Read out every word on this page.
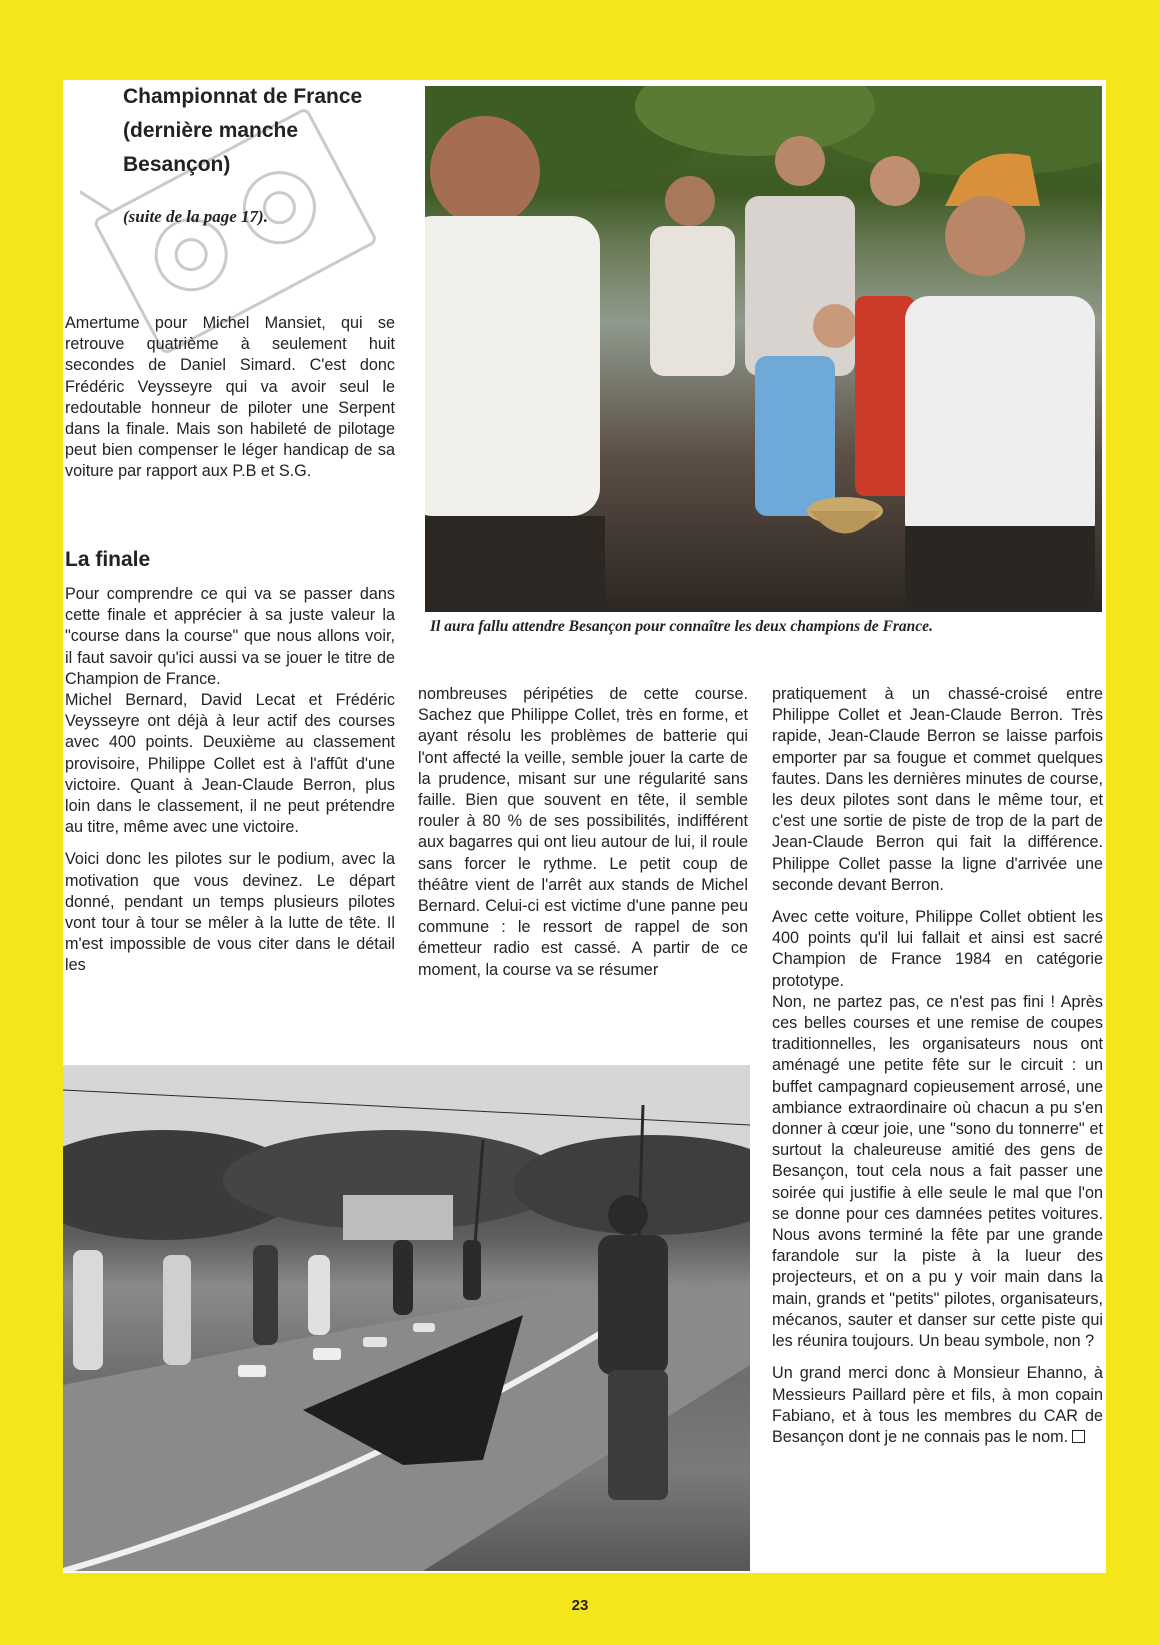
Championnat de France
(dernière manche
Besançon)
(suite de la page 17).

Amertume pour Michel Mansiet, qui se retrouve quatrième à seulement huit secondes de Daniel Simard. C'est donc Frédéric Veysseyre qui va avoir seul le redoutable honneur de piloter une Serpent dans la finale. Mais son habileté de pilotage peut bien compenser le léger handicap de sa voiture par rapport aux P.B et S.G.

La finale

Pour comprendre ce qui va se passer dans cette finale et apprécier à sa juste valeur la "course dans la course" que nous allons voir, il faut savoir qu'ici aussi va se jouer le titre de Champion de France.

Michel Bernard, David Lecat et Frédéric Veysseyre ont déjà à leur actif des courses avec 400 points. Deuxième au classement provisoire, Philippe Collet est à l'affût d'une victoire. Quant à Jean-Claude Berron, plus loin dans le classement, il ne peut prétendre au titre, même avec une victoire.

Voici donc les pilotes sur le podium, avec la motivation que vous devinez. Le départ donné, pendant un temps plusieurs pilotes vont tour à tour se mêler à la lutte de tête. Il m'est impossible de vous citer dans le détail les

nombreuses péripéties de cette course. Sachez que Philippe Collet, très en forme, et ayant résolu les problèmes de batterie qui l'ont affecté la veille, semble jouer la carte de la prudence, misant sur une régularité sans faille. Bien que souvent en tête, il semble rouler à 80 % de ses possibilités, indifférent aux bagarres qui ont lieu autour de lui, il roule sans forcer le rythme. Le petit coup de théâtre vient de l'arrêt aux stands de Michel Bernard. Celui-ci est victime d'une panne peu commune : le ressort de rappel de son émetteur radio est cassé. A partir de ce moment, la course va se résumer

pratiquement à un chassé-croisé entre Philippe Collet et Jean-Claude Berron. Très rapide, Jean-Claude Berron se laisse parfois emporter par sa fougue et commet quelques fautes. Dans les dernières minutes de course, les deux pilotes sont dans le même tour, et c'est une sortie de piste de trop de la part de Jean-Claude Berron qui fait la différence. Philippe Collet passe la ligne d'arrivée une seconde devant Berron.

Avec cette voiture, Philippe Collet obtient les 400 points qu'il lui fallait et ainsi est sacré Champion de France 1984 en catégorie prototype.

Non, ne partez pas, ce n'est pas fini ! Après ces belles courses et une remise de coupes traditionnelles, les organisateurs nous ont aménagé une petite fête sur le circuit : un buffet campagnard copieusement arrosé, une ambiance extraordinaire où chacun a pu s'en donner à cœur joie, une "sono du tonnerre" et surtout la chaleureuse amitié des gens de Besançon, tout cela nous a fait passer une soirée qui justifie à elle seule le mal que l'on se donne pour ces damnées petites voitures. Nous avons terminé la fête par une grande farandole sur la piste à la lueur des projecteurs, et on a pu y voir main dans la main, grands et "petits" pilotes, organisateurs, mécanos, sauter et danser sur cette piste qui les réunira toujours. Un beau symbole, non ?

Un grand merci donc à Monsieur Ehanno, à Messieurs Paillard père et fils, à mon copain Fabiano, et à tous les membres du CAR de Besançon dont je ne connais pas le nom.

Il aura fallu attendre Besançon pour connaître les deux champions de France.
23
